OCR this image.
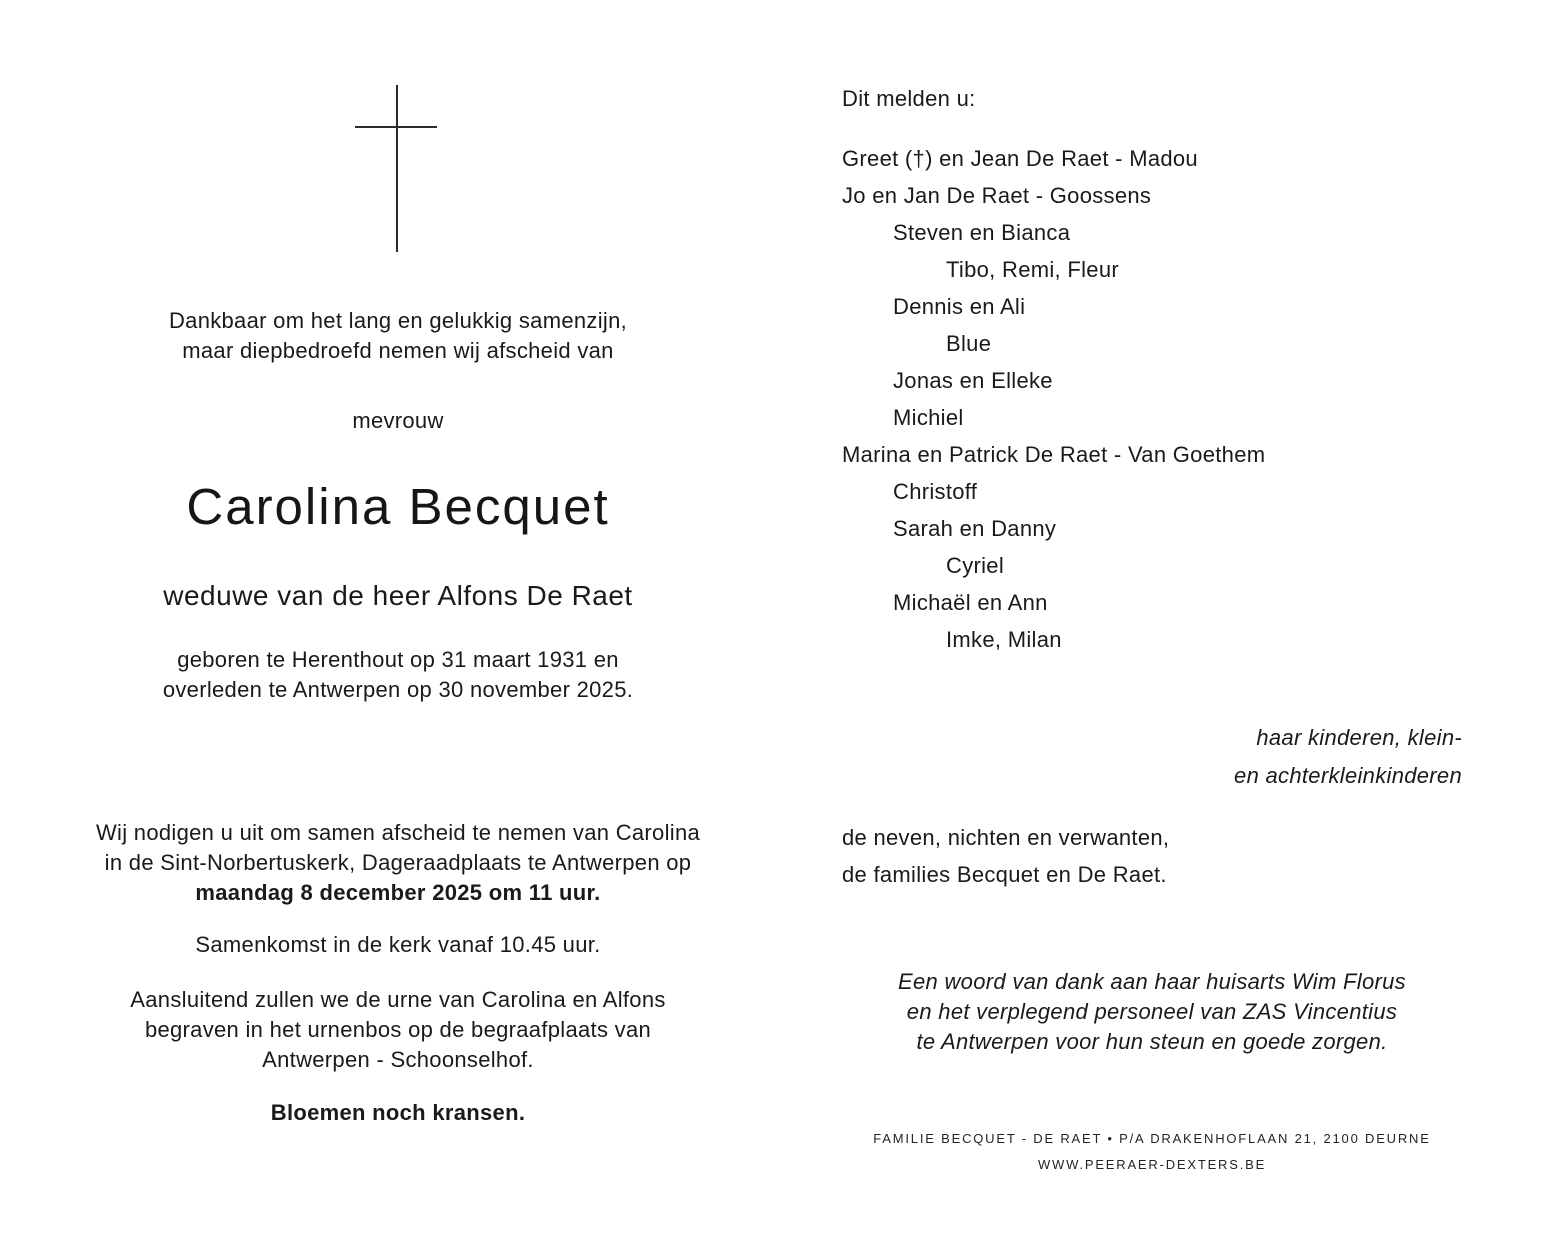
Dankbaar om het lang en gelukkig samenzijn,
maar diepbedroefd nemen wij afscheid van
mevrouw
Carolina Becquet
weduwe van de heer Alfons De Raet
geboren te Herenthout op 31 maart 1931 en
overleden te Antwerpen op 30 november 2025.
Wij nodigen u uit om samen afscheid te nemen van Carolina
in de Sint-Norbertuskerk, Dageraadplaats te Antwerpen op
maandag 8 december 2025 om 11 uur.
Samenkomst in de kerk vanaf 10.45 uur.
Aansluitend zullen we de urne van Carolina en Alfons
begraven in het urnenbos op de begraafplaats van
Antwerpen - Schoonselhof.
Bloemen noch kransen.
Dit melden u:
Greet (†) en Jean De Raet - Madou
Jo en Jan De Raet - Goossens
Steven en Bianca
Tibo, Remi, Fleur
Dennis en Ali
Blue
Jonas en Elleke
Michiel
Marina en Patrick De Raet - Van Goethem
Christoff
Sarah en Danny
Cyriel
Michaël en Ann
Imke, Milan
haar kinderen, klein-
en achterkleinkinderen
de neven, nichten en verwanten,
de families Becquet en De Raet.
Een woord van dank aan haar huisarts Wim Florus
en het verplegend personeel van ZAS Vincentius
te Antwerpen voor hun steun en goede zorgen.
FAMILIE BECQUET - DE RAET • P/A DRAKENHOFLAAN 21, 2100 DEURNE
WWW.PEERAER-DEXTERS.BE
